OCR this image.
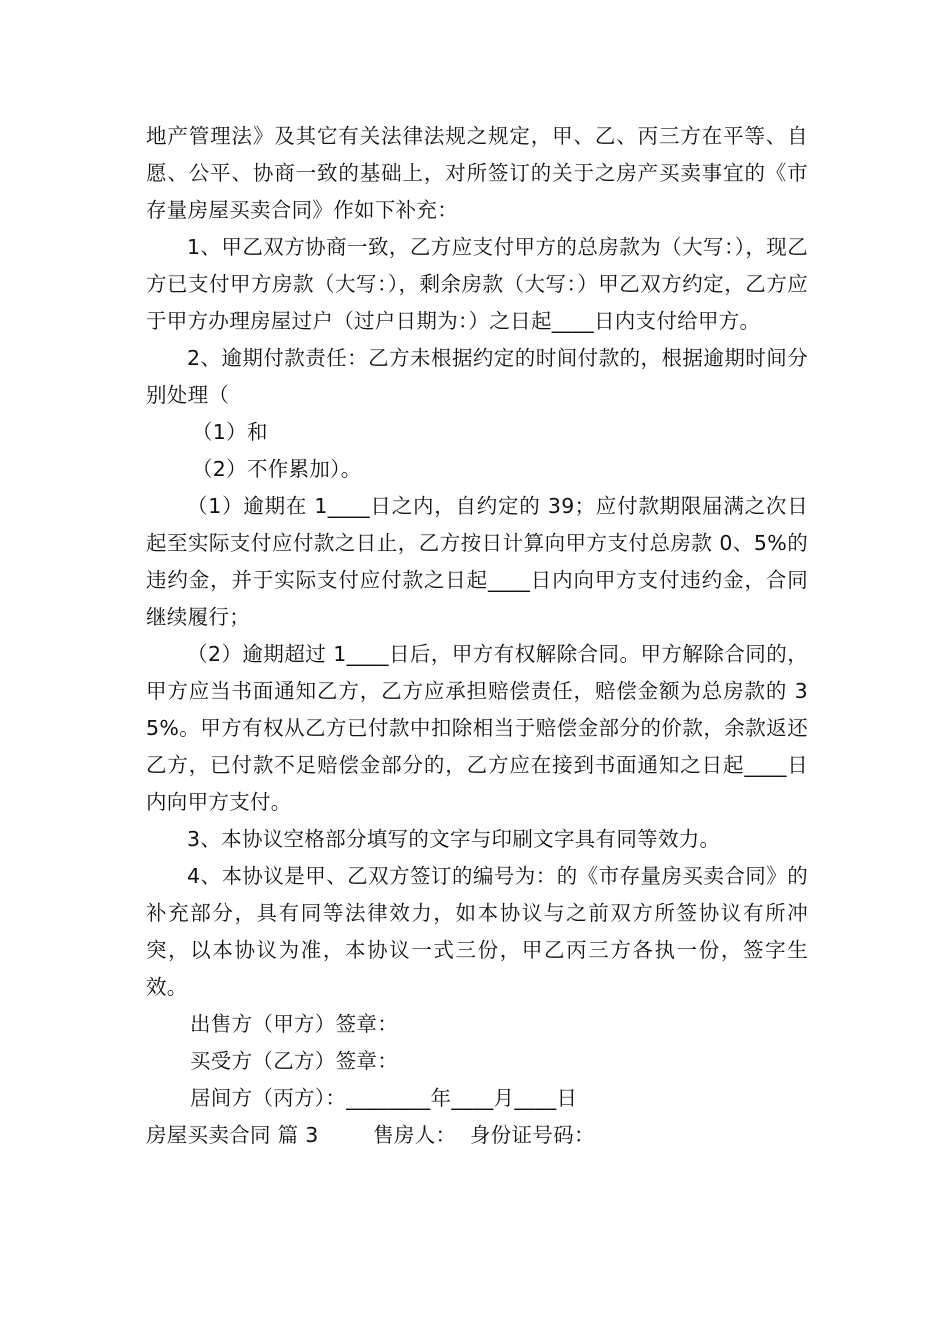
地产管理法》及其它有关法律法规之规定，甲、乙、丙三方在平等、自愿、公平、协商一致的基础上，对所签订的关于之房产买卖事宜的《市存量房屋买卖合同》作如下补充：

1、甲乙双方协商一致，乙方应支付甲方的总房款为（大写：），现乙方已支付甲方房款（大写：），剩余房款（大写：）甲乙双方约定，乙方应于甲方办理房屋过户（过户日期为：）之日起____日内支付给甲方。

2、逾期付款责任：乙方未根据约定的时间付款的，根据逾期时间分别处理（

（1）和

（2）不作累加）。

（1）逾期在 1____日之内，自约定的 39；应付款期限届满之次日起至实际支付应付款之日止，乙方按日计算向甲方支付总房款 0、5%的违约金，并于实际支付应付款之日起____日内向甲方支付违约金，合同继续履行；

（2）逾期超过 1____日后，甲方有权解除合同。甲方解除合同的，甲方应当书面通知乙方，乙方应承担赔偿责任，赔偿金额为总房款的 35%。甲方有权从乙方已付款中扣除相当于赔偿金部分的价款，余款返还乙方，已付款不足赔偿金部分的，乙方应在接到书面通知之日起____日内向甲方支付。

3、本协议空格部分填写的文字与印刷文字具有同等效力。

4、本协议是甲、乙双方签订的编号为：的《市存量房买卖合同》的补充部分，具有同等法律效力，如本协议与之前双方所签协议有所冲突，以本协议为准，本协议一式三份，甲乙丙三方各执一份，签字生效。

出售方（甲方）签章：

买受方（乙方）签章：

居间方（丙方）：________年____月____日

房屋买卖合同 篇 3        售房人：  身份证号码：
